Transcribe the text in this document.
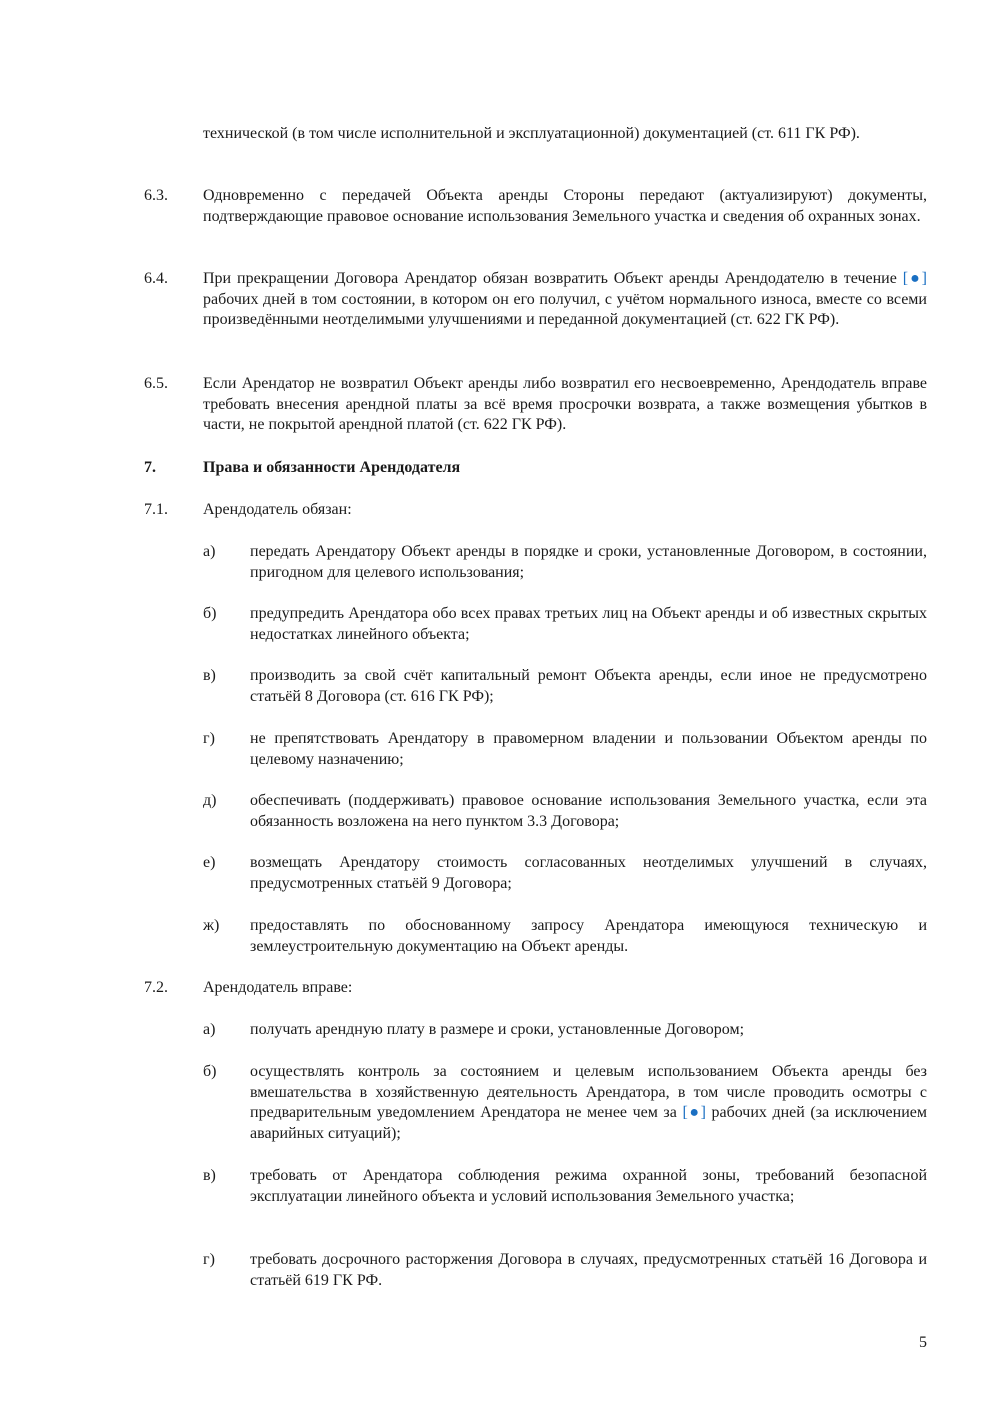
технической (в том числе исполнительной и эксплуатационной) документацией (ст. 611 ГК РФ).

6.3. Одновременно с передачей Объекта аренды Стороны передают (актуализируют) документы, подтверждающие правовое основание использования Земельного участка и сведения об охранных зонах.

6.4. При прекращении Договора Арендатор обязан возвратить Объект аренды Арендодателю в течение [●] рабочих дней в том состоянии, в котором он его получил, с учётом нормального износа, вместе со всеми произведёнными неотделимыми улучшениями и переданной документацией (ст. 622 ГК РФ).

6.5. Если Арендатор не возвратил Объект аренды либо возвратил его несвоевременно, Арендодатель вправе требовать внесения арендной платы за всё время просрочки возврата, а также возмещения убытков в части, не покрытой арендной платой (ст. 622 ГК РФ).

7.	Права и обязанности Арендодателя

7.1. Арендодатель обязан:

а) передать Арендатору Объект аренды в порядке и сроки, установленные Договором, в состоянии, пригодном для целевого использования;

б) предупредить Арендатора обо всех правах третьих лиц на Объект аренды и об известных скрытых недостатках линейного объекта;

в) производить за свой счёт капитальный ремонт Объекта аренды, если иное не предусмотрено статьёй 8 Договора (ст. 616 ГК РФ);

г) не препятствовать Арендатору в правомерном владении и пользовании Объектом аренды по целевому назначению;

д) обеспечивать (поддерживать) правовое основание использования Земельного участка, если эта обязанность возложена на него пунктом 3.3 Договора;

е) возмещать Арендатору стоимость согласованных неотделимых улучшений в случаях, предусмотренных статьёй 9 Договора;

ж) предоставлять по обоснованному запросу Арендатора имеющуюся техническую и землеустроительную документацию на Объект аренды.

7.2. Арендодатель вправе:

а) получать арендную плату в размере и сроки, установленные Договором;

б) осуществлять контроль за состоянием и целевым использованием Объекта аренды без вмешательства в хозяйственную деятельность Арендатора, в том числе проводить осмотры с предварительным уведомлением Арендатора не менее чем за [●] рабочих дней (за исключением аварийных ситуаций);

в) требовать от Арендатора соблюдения режима охранной зоны, требований безопасной эксплуатации линейного объекта и условий использования Земельного участка;

г) требовать досрочного расторжения Договора в случаях, предусмотренных статьёй 16 Договора и статьёй 619 ГК РФ.

5
